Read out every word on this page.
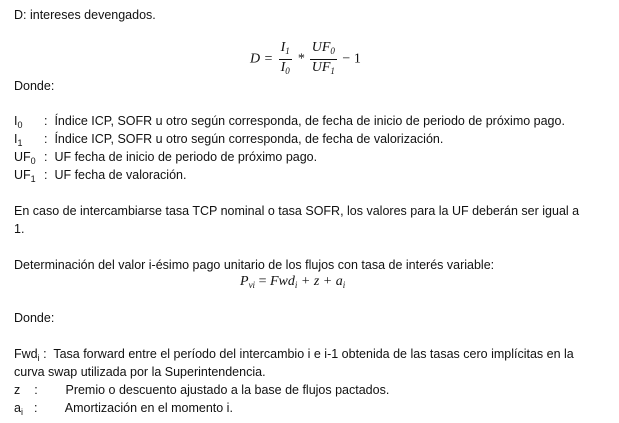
D: intereses devengados.
$D = \frac{I_1}{I_0} * \frac{UF_0}{UF_1} - 1$
Donde:
$I_0$ : Índice ICP, SOFR u otro según corresponda, de fecha de inicio de periodo de próximo pago.
$I_1$ : Índice ICP, SOFR u otro según corresponda, de fecha de valorización.
$UF_0$ : UF fecha de inicio de periodo de próximo pago.
$UF_1$ : UF fecha de valoración.
En caso de intercambiarse tasa TCP nominal o tasa SOFR, los valores para la UF deberán ser igual a
1.
Determinación del valor i-ésimo pago unitario de los flujos con tasa de interés variable:
$P_{vi} = Fwd_i + z + a_i$
Donde:
Fwd$_i$ : Tasa forward entre el período del intercambio i e i-1 obtenida de las tasas cero implícitas en la
curva swap utilizada por la Superintendencia.
z : Premio o descuento ajustado a la base de flujos pactados.
$a_i$ : Amortización en el momento i.
